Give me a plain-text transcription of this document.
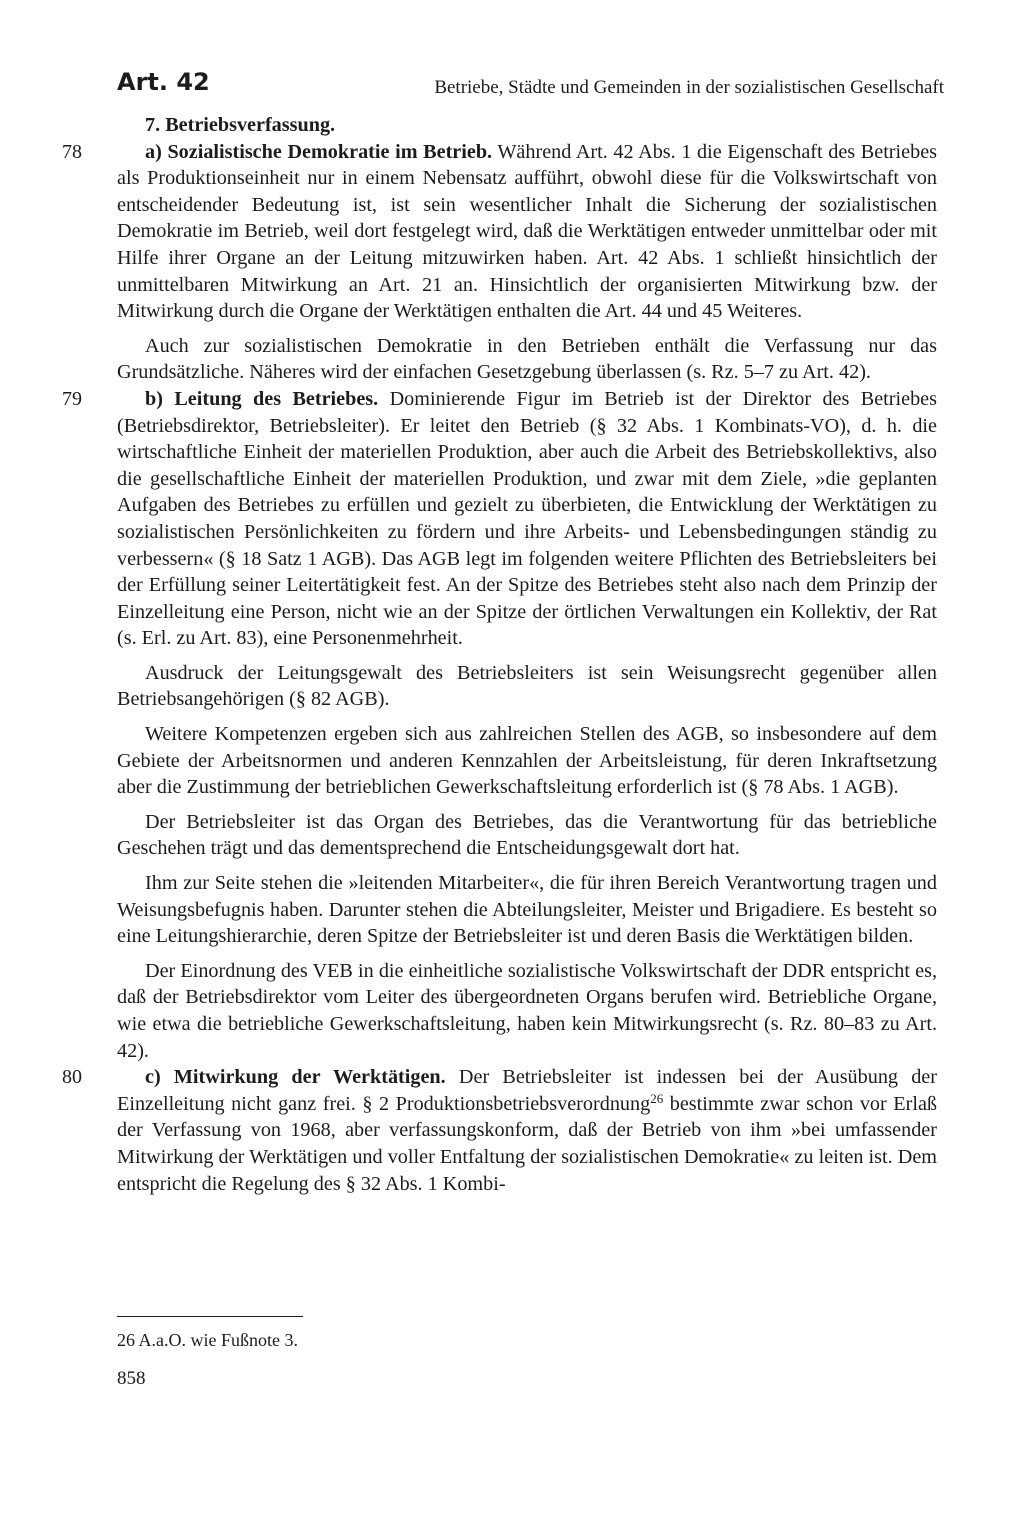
Art. 42	Betriebe, Städte und Gemeinden in der sozialistischen Gesellschaft

7. Betriebsverfassung.

78	a) Sozialistische Demokratie im Betrieb. Während Art. 42 Abs. 1 die Eigenschaft des Betriebes als Produktionseinheit nur in einem Nebensatz aufführt, obwohl diese für die Volkswirtschaft von entscheidender Bedeutung ist, ist sein wesentlicher Inhalt die Sicherung der sozialistischen Demokratie im Betrieb, weil dort festgelegt wird, daß die Werktätigen entweder unmittelbar oder mit Hilfe ihrer Organe an der Leitung mitzuwirken haben. Art. 42 Abs. 1 schließt hinsichtlich der unmittelbaren Mitwirkung an Art. 21 an. Hinsichtlich der organisierten Mitwirkung bzw. der Mitwirkung durch die Organe der Werktätigen enthalten die Art. 44 und 45 Weiteres.

Auch zur sozialistischen Demokratie in den Betrieben enthält die Verfassung nur das Grundsätzliche. Näheres wird der einfachen Gesetzgebung überlassen (s. Rz. 5–7 zu Art. 42).

79	b) Leitung des Betriebes. Dominierende Figur im Betrieb ist der Direktor des Betriebes (Betriebsdirektor, Betriebsleiter). Er leitet den Betrieb (§ 32 Abs. 1 Kombinats-VO), d. h. die wirtschaftliche Einheit der materiellen Produktion, aber auch die Arbeit des Betriebskollektivs, also die gesellschaftliche Einheit der materiellen Produktion, und zwar mit dem Ziele, »die geplanten Aufgaben des Betriebes zu erfüllen und gezielt zu überbieten, die Entwicklung der Werktätigen zu sozialistischen Persönlichkeiten zu fördern und ihre Arbeits- und Lebensbedingungen ständig zu verbessern« (§ 18 Satz 1 AGB). Das AGB legt im folgenden weitere Pflichten des Betriebsleiters bei der Erfüllung seiner Leitertätigkeit fest. An der Spitze des Betriebes steht also nach dem Prinzip der Einzelleitung eine Person, nicht wie an der Spitze der örtlichen Verwaltungen ein Kollektiv, der Rat (s. Erl. zu Art. 83), eine Personenmehrheit.

Ausdruck der Leitungsgewalt des Betriebsleiters ist sein Weisungsrecht gegenüber allen Betriebsangehörigen (§ 82 AGB).

Weitere Kompetenzen ergeben sich aus zahlreichen Stellen des AGB, so insbesondere auf dem Gebiete der Arbeitsnormen und anderen Kennzahlen der Arbeitsleistung, für deren Inkraftsetzung aber die Zustimmung der betrieblichen Gewerkschaftsleitung erforderlich ist (§ 78 Abs. 1 AGB).

Der Betriebsleiter ist das Organ des Betriebes, das die Verantwortung für das betriebliche Geschehen trägt und das dementsprechend die Entscheidungsgewalt dort hat.

Ihm zur Seite stehen die »leitenden Mitarbeiter«, die für ihren Bereich Verantwortung tragen und Weisungsbefugnis haben. Darunter stehen die Abteilungsleiter, Meister und Brigadiere. Es besteht so eine Leitungshierarchie, deren Spitze der Betriebsleiter ist und deren Basis die Werktätigen bilden.

Der Einordnung des VEB in die einheitliche sozialistische Volkswirtschaft der DDR entspricht es, daß der Betriebsdirektor vom Leiter des übergeordneten Organs berufen wird. Betriebliche Organe, wie etwa die betriebliche Gewerkschaftsleitung, haben kein Mitwirkungsrecht (s. Rz. 80–83 zu Art. 42).

80	c) Mitwirkung der Werktätigen. Der Betriebsleiter ist indessen bei der Ausübung der Einzelleitung nicht ganz frei. § 2 Produktionsbetriebsverordnung$^{26}$ bestimmte zwar schon vor Erlaß der Verfassung von 1968, aber verfassungskonform, daß der Betrieb von ihm »bei umfassender Mitwirkung der Werktätigen und voller Entfaltung der sozialistischen Demokratie« zu leiten ist. Dem entspricht die Regelung des § 32 Abs. 1 Kombi-

26 A.a.O. wie Fußnote 3.
858
